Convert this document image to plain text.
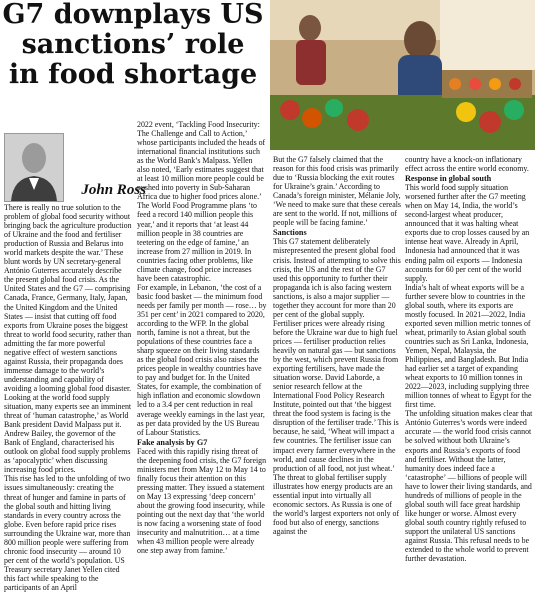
G7 downplays US sanctions’ role in food shortage
John Ross

There is really no true solution to the problem of global food security without bringing back the agriculture production of Ukraine and the food and fertiliser production of Russia and Belarus into world markets despite the war.’ These blunt words by UN secretary-general António Guterres accurately describe the present global food crisis. As the United States and the G7 — comprising Canada, France, Germany, Italy, Japan, the United Kingdom and the United States — insist that cutting off food exports from Ukraine poses the biggest threat to world food security, rather than admitting the far more powerful negative effect of western sanctions against Russia, their propaganda does immense damage to the world’s understanding and capability of avoiding a looming global food disaster.

Looking at the world food supply situation, many experts see an imminent threat of ‘human catastrophe,’ as World Bank president David Malpass put it. Andrew Bailey, the governor of the Bank of England, characterised his outlook on global food supply problems as ‘apocalyptic’ when discussing increasing food prices.

This rise has led to the unfolding of two issues simultaneously: creating the threat of hunger and famine in parts of the global south and hitting living standards in every country across the globe. Even before rapid price rises surrounding the Ukraine war, more than 800 million people were suffering from chronic food insecurity — around 10 per cent of the world’s population. US Treasury secretary Janet Yellen cited this fact while speaking to the participants of an April

2022 event, ‘Tackling Food Insecurity: The Challenge and Call to Action,’ whose participants included the heads of international financial institutions such as the World Bank’s Malpass. Yellen also noted, ‘Early estimates suggest that at least 10 million more people could be pushed into poverty in Sub-Saharan Africa due to higher food prices alone.’ The World Food Programme plans ‘to feed a record 140 million people this year,’ and it reports that ‘at least 44 million people in 38 countries are teetering on the edge of famine,’ an increase from 27 million in 2019. In countries facing other problems, like climate change, food price increases have been catastrophic.

For example, in Lebanon, ‘the cost of a basic food basket — the minimum food needs per family per month — rose… by 351 per cent’ in 2021 compared to 2020, according to the WFP. In the global north, famine is not a threat, but the populations of these countries face a sharp squeeze on their living standards as the global food crisis also raises the prices people in wealthy countries have to pay and budget for. In the United States, for example, the combination of high inflation and economic slowdown led to a 3.4 per cent reduction in real average weekly earnings in the last year, as per data provided by the US Bureau of Labour Statistics.

Fake analysis by G7

Faced with this rapidly rising threat of the deepening food crisis, the G7 foreign ministers met from May 12 to May 14 to finally focus their attention on this pressing matter. They issued a statement on May 13 expressing ‘deep concern’ about the growing food insecurity, while pointing out the next day that ‘the world is now facing a worsening state of food insecurity and malnutrition… at a time when 43 million people were already one step away from famine.’

But the G7 falsely claimed that the reason for this food crisis was primarily due to ‘Russia blocking the exit routes for Ukraine’s grain.’ According to Canada’s foreign minister, Mélanie Joly, ‘We need to make sure that these cereals are sent to the world. If not, millions of people will be facing famine.’

Sanctions

This G7 statement deliberately misrepresented the present global food crisis. Instead of attempting to solve this crisis, the US and the rest of the G7 used this opportunity to further their propaganda ich is also facing western sanctions, is also a major supplier — together they account for more than 20 per cent of the global supply.

Fertiliser prices were already rising before the Ukraine war due to high fuel prices — fertiliser production relies heavily on natural gas — but sanctions by the west, which prevent Russia from exporting fertilisers, have made the situation worse. David Laborde, a senior research fellow at the International Food Policy Research Institute, pointed out that ‘the biggest threat the food system is facing is the disruption of the fertiliser trade.’ This is because, he said, ‘Wheat will impact a few countries. The fertiliser issue can impact every farmer everywhere in the world, and cause declines in the production of all food, not just wheat.’

The threat to global fertiliser supply illustrates how energy products are an essential input into virtually all economic sectors. As Russia is one of the world’s largest exporters not only of food but also of energy, sanctions against the

country have a knock-on inflationary effect across the entire world economy.

Response in global south

This world food supply situation worsened further after the G7 meeting when on May 14, India, the world’s second-largest wheat producer, announced that it was halting wheat exports due to crop losses caused by an intense heat wave. Already in April, Indonesia had announced that it was ending palm oil exports — Indonesia accounts for 60 per cent of the world supply.

India’s halt of wheat exports will be a further severe blow to countries in the global south, where its exports are mostly focused. In 2021—2022, India exported seven million metric tonnes of wheat, primarily to Asian global south countries such as Sri Lanka, Indonesia, Yemen, Nepal, Malaysia, the Philippines, and Bangladesh. But India had earlier set a target of expanding wheat exports to 10 million tonnes in 2022—2023, including supplying three million tonnes of wheat to Egypt for the first time.

The unfolding situation makes clear that António Guterres’s words were indeed accurate — the world food crisis cannot be solved without both Ukraine’s exports and Russia’s exports of food and fertiliser. Without the latter, humanity does indeed face a ‘catastrophe’ — billions of people will have to lower their living standards, and hundreds of millions of people in the global south will face great hardship like hunger or worse. Almost every global south country rightly refused to support the unilateral US sanctions against Russia. This refusal needs to be extended to the whole world to prevent further devastation.
